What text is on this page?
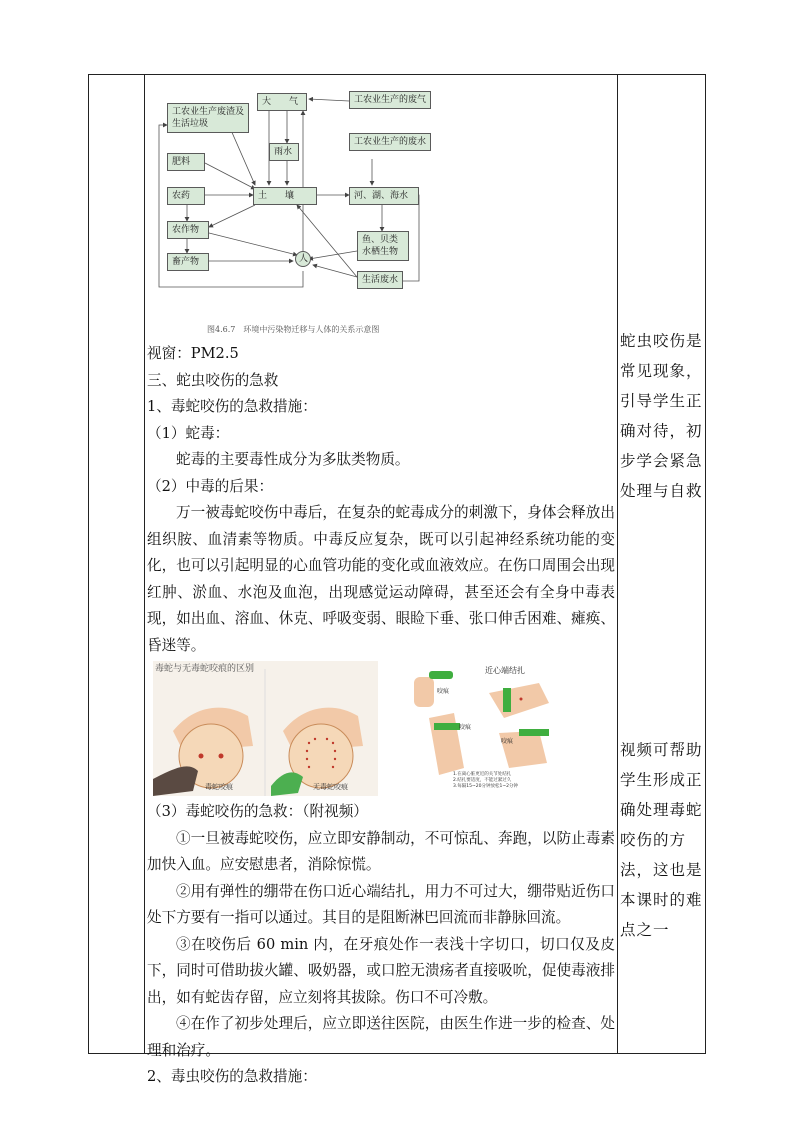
大　　气	工农业生产的废气
工农业生产废渣及生活垃圾
雨水
肥料
工农业生产的废水
农药	土　　壤	河、湖、海水
农作物
鱼、贝类水栖生物
畜产物	人
生活废水
图4.6.7　环境中污染物迁移与人体的关系示意图

视窗：PM2.5

三、蛇虫咬伤的急救

1、毒蛇咬伤的急救措施：

（1）蛇毒：

蛇毒的主要毒性成分为多肽类物质。

（2）中毒的后果：

万一被毒蛇咬伤中毒后，在复杂的蛇毒成分的刺激下，身体会释放出组织胺、血清素等物质。中毒反应复杂，既可以引起神经系统功能的变化，也可以引起明显的心血管功能的变化或血液效应。在伤口周围会出现红肿、淤血、水泡及血泡，出现感觉运动障碍，甚至还会有全身中毒表现，如出血、溶血、休克、呼吸变弱、眼睑下垂、张口伸舌困难、瘫痪、昏迷等。

毒蛇与无毒蛇咬痕的区别
毒蛇咬痕	无毒蛇咬痕
近心端结扎
咬痕
咬痕
咬痕
1.在离心脏更近的关节处结扎
2.结扎要适度，不能过紧过久
3.每隔15~20分钟放松1~2分钟

（3）毒蛇咬伤的急救：（附视频）

①一旦被毒蛇咬伤，应立即安静制动，不可惊乱、奔跑，以防止毒素加快入血。应安慰患者，消除惊慌。

②用有弹性的绷带在伤口近心端结扎，用力不可过大，绷带贴近伤口处下方要有一指可以通过。其目的是阻断淋巴回流而非静脉回流。

③在咬伤后 60 min 内，在牙痕处作一表浅十字切口，切口仅及皮下，同时可借助拔火罐、吸奶器，或口腔无溃疡者直接吸吮，促使毒液排出，如有蛇齿存留，应立刻将其拔除。伤口不可冷敷。

④在作了初步处理后，应立即送往医院，由医生作进一步的检查、处理和治疗。

2、毒虫咬伤的急救措施：

蛇虫咬伤是常见现象，引导学生正确对待，初步学会紧急处理与自救
视频可帮助学生形成正确处理毒蛇咬伤的方法，这也是本课时的难点之一
